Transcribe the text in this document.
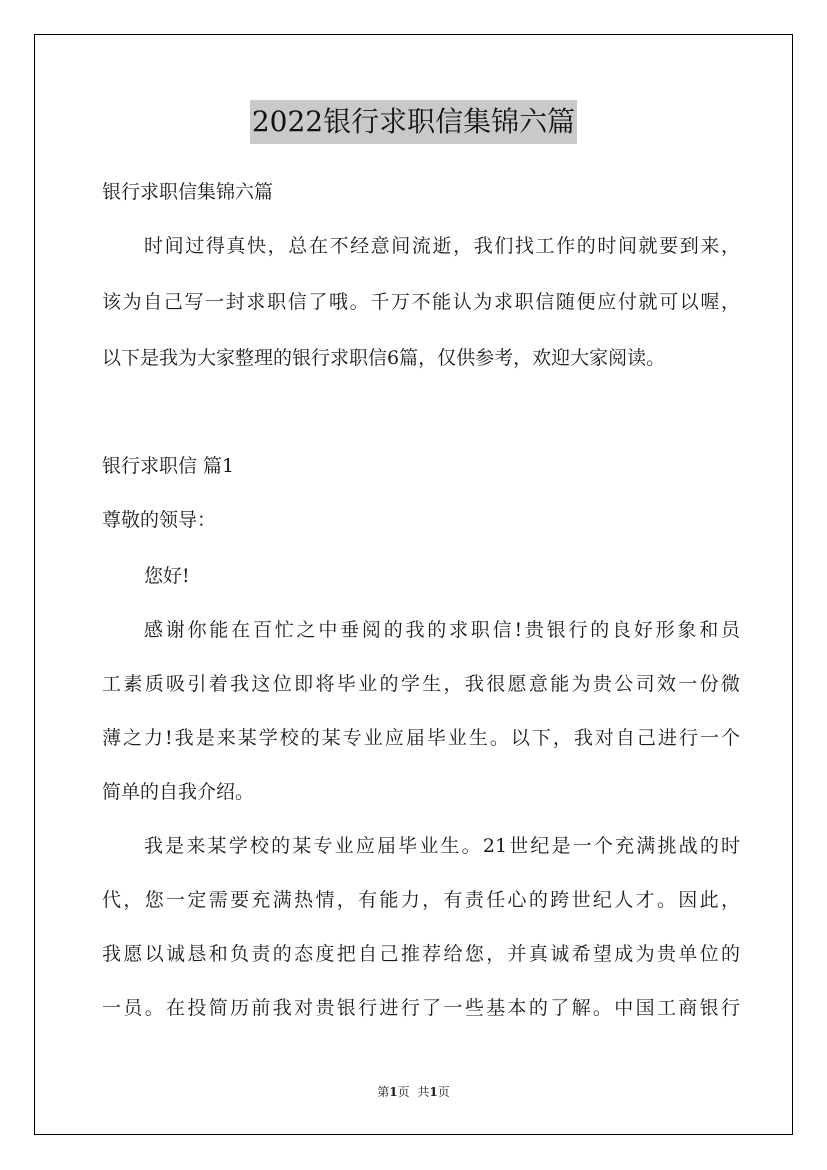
2022银行求职信集锦六篇
银行求职信集锦六篇
时间过得真快，总在不经意间流逝，我们找工作的时间就要到来，
该为自己写一封求职信了哦。千万不能认为求职信随便应付就可以喔，
以下是我为大家整理的银行求职信6篇，仅供参考，欢迎大家阅读。
银行求职信 篇1
尊敬的领导：
您好!
感谢你能在百忙之中垂阅的我的求职信!贵银行的良好形象和员
工素质吸引着我这位即将毕业的学生，我很愿意能为贵公司效一份微
薄之力!我是来某学校的某专业应届毕业生。以下，我对自己进行一个
简单的自我介绍。
我是来某学校的某专业应届毕业生。21世纪是一个充满挑战的时
代，您一定需要充满热情，有能力，有责任心的跨世纪人才。因此，
我愿以诚恳和负责的态度把自己推荐给您，并真诚希望成为贵单位的
一员。在投简历前我对贵银行进行了一些基本的了解。中国工商银行
第1页 共1页
